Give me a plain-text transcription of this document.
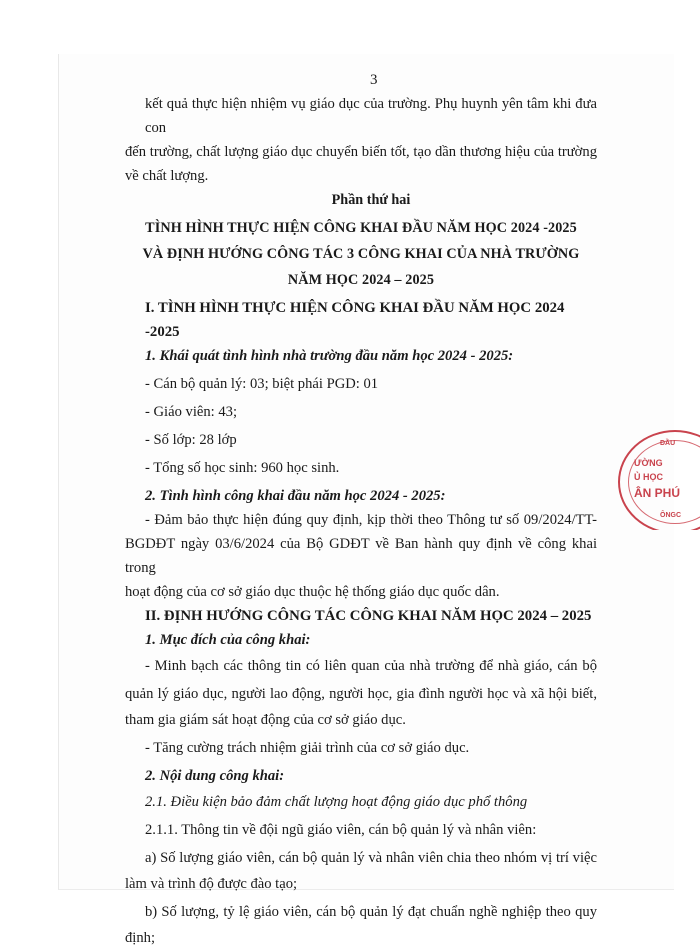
3

kết quả thực hiện nhiệm vụ giáo dục của trường. Phụ huynh yên tâm khi đưa con

đến trường, chất lượng giáo dục chuyển biến tốt, tạo dần thương hiệu của trường

về chất lượng.

Phần thứ hai

TÌNH HÌNH THỰC HIỆN CÔNG KHAI ĐẦU NĂM HỌC 2024 -2025

VÀ ĐỊNH HƯỚNG CÔNG TÁC 3 CÔNG KHAI CỦA NHÀ TRƯỜNG

NĂM HỌC 2024 – 2025

I. TÌNH HÌNH THỰC HIỆN CÔNG KHAI ĐẦU NĂM HỌC 2024 -2025

1. Khái quát tình hình nhà trường đầu năm học 2024 - 2025:

- Cán bộ quản lý: 03; biệt phái PGD: 01

- Giáo viên: 43;

- Số lớp: 28 lớp

- Tổng số học sinh: 960 học sinh.

2. Tình hình công khai đầu năm học 2024 - 2025:

- Đảm bảo thực hiện đúng quy định, kịp thời theo Thông tư số 09/2024/TT-

BGDĐT ngày 03/6/2024 của Bộ GDĐT về Ban hành quy định về công khai trong

hoạt động của cơ sở giáo dục thuộc hệ thống giáo dục quốc dân.

II. ĐỊNH HƯỚNG CÔNG TÁC CÔNG KHAI NĂM HỌC 2024 – 2025

1. Mục đích của công khai:

- Minh bạch các thông tin có liên quan của nhà trường để nhà giáo, cán bộ

quản lý giáo dục, người lao động, người học, gia đình người học và xã hội biết,

tham gia giám sát hoạt động của cơ sở giáo dục.

- Tăng cường trách nhiệm giải trình của cơ sở giáo dục.

2. Nội dung công khai:

2.1. Điều kiện bảo đảm chất lượng hoạt động giáo dục phổ thông

2.1.1. Thông tin về đội ngũ giáo viên, cán bộ quản lý và nhân viên:

a) Số lượng giáo viên, cán bộ quản lý và nhân viên chia theo nhóm vị trí việc

làm và trình độ được đào tạo;

b) Số lượng, tỷ lệ giáo viên, cán bộ quản lý đạt chuẩn nghề nghiệp theo quy

định;

ĐẦU
ƯỜNG
Ủ HỌC
ÂN PHÚ
ÔNGC
